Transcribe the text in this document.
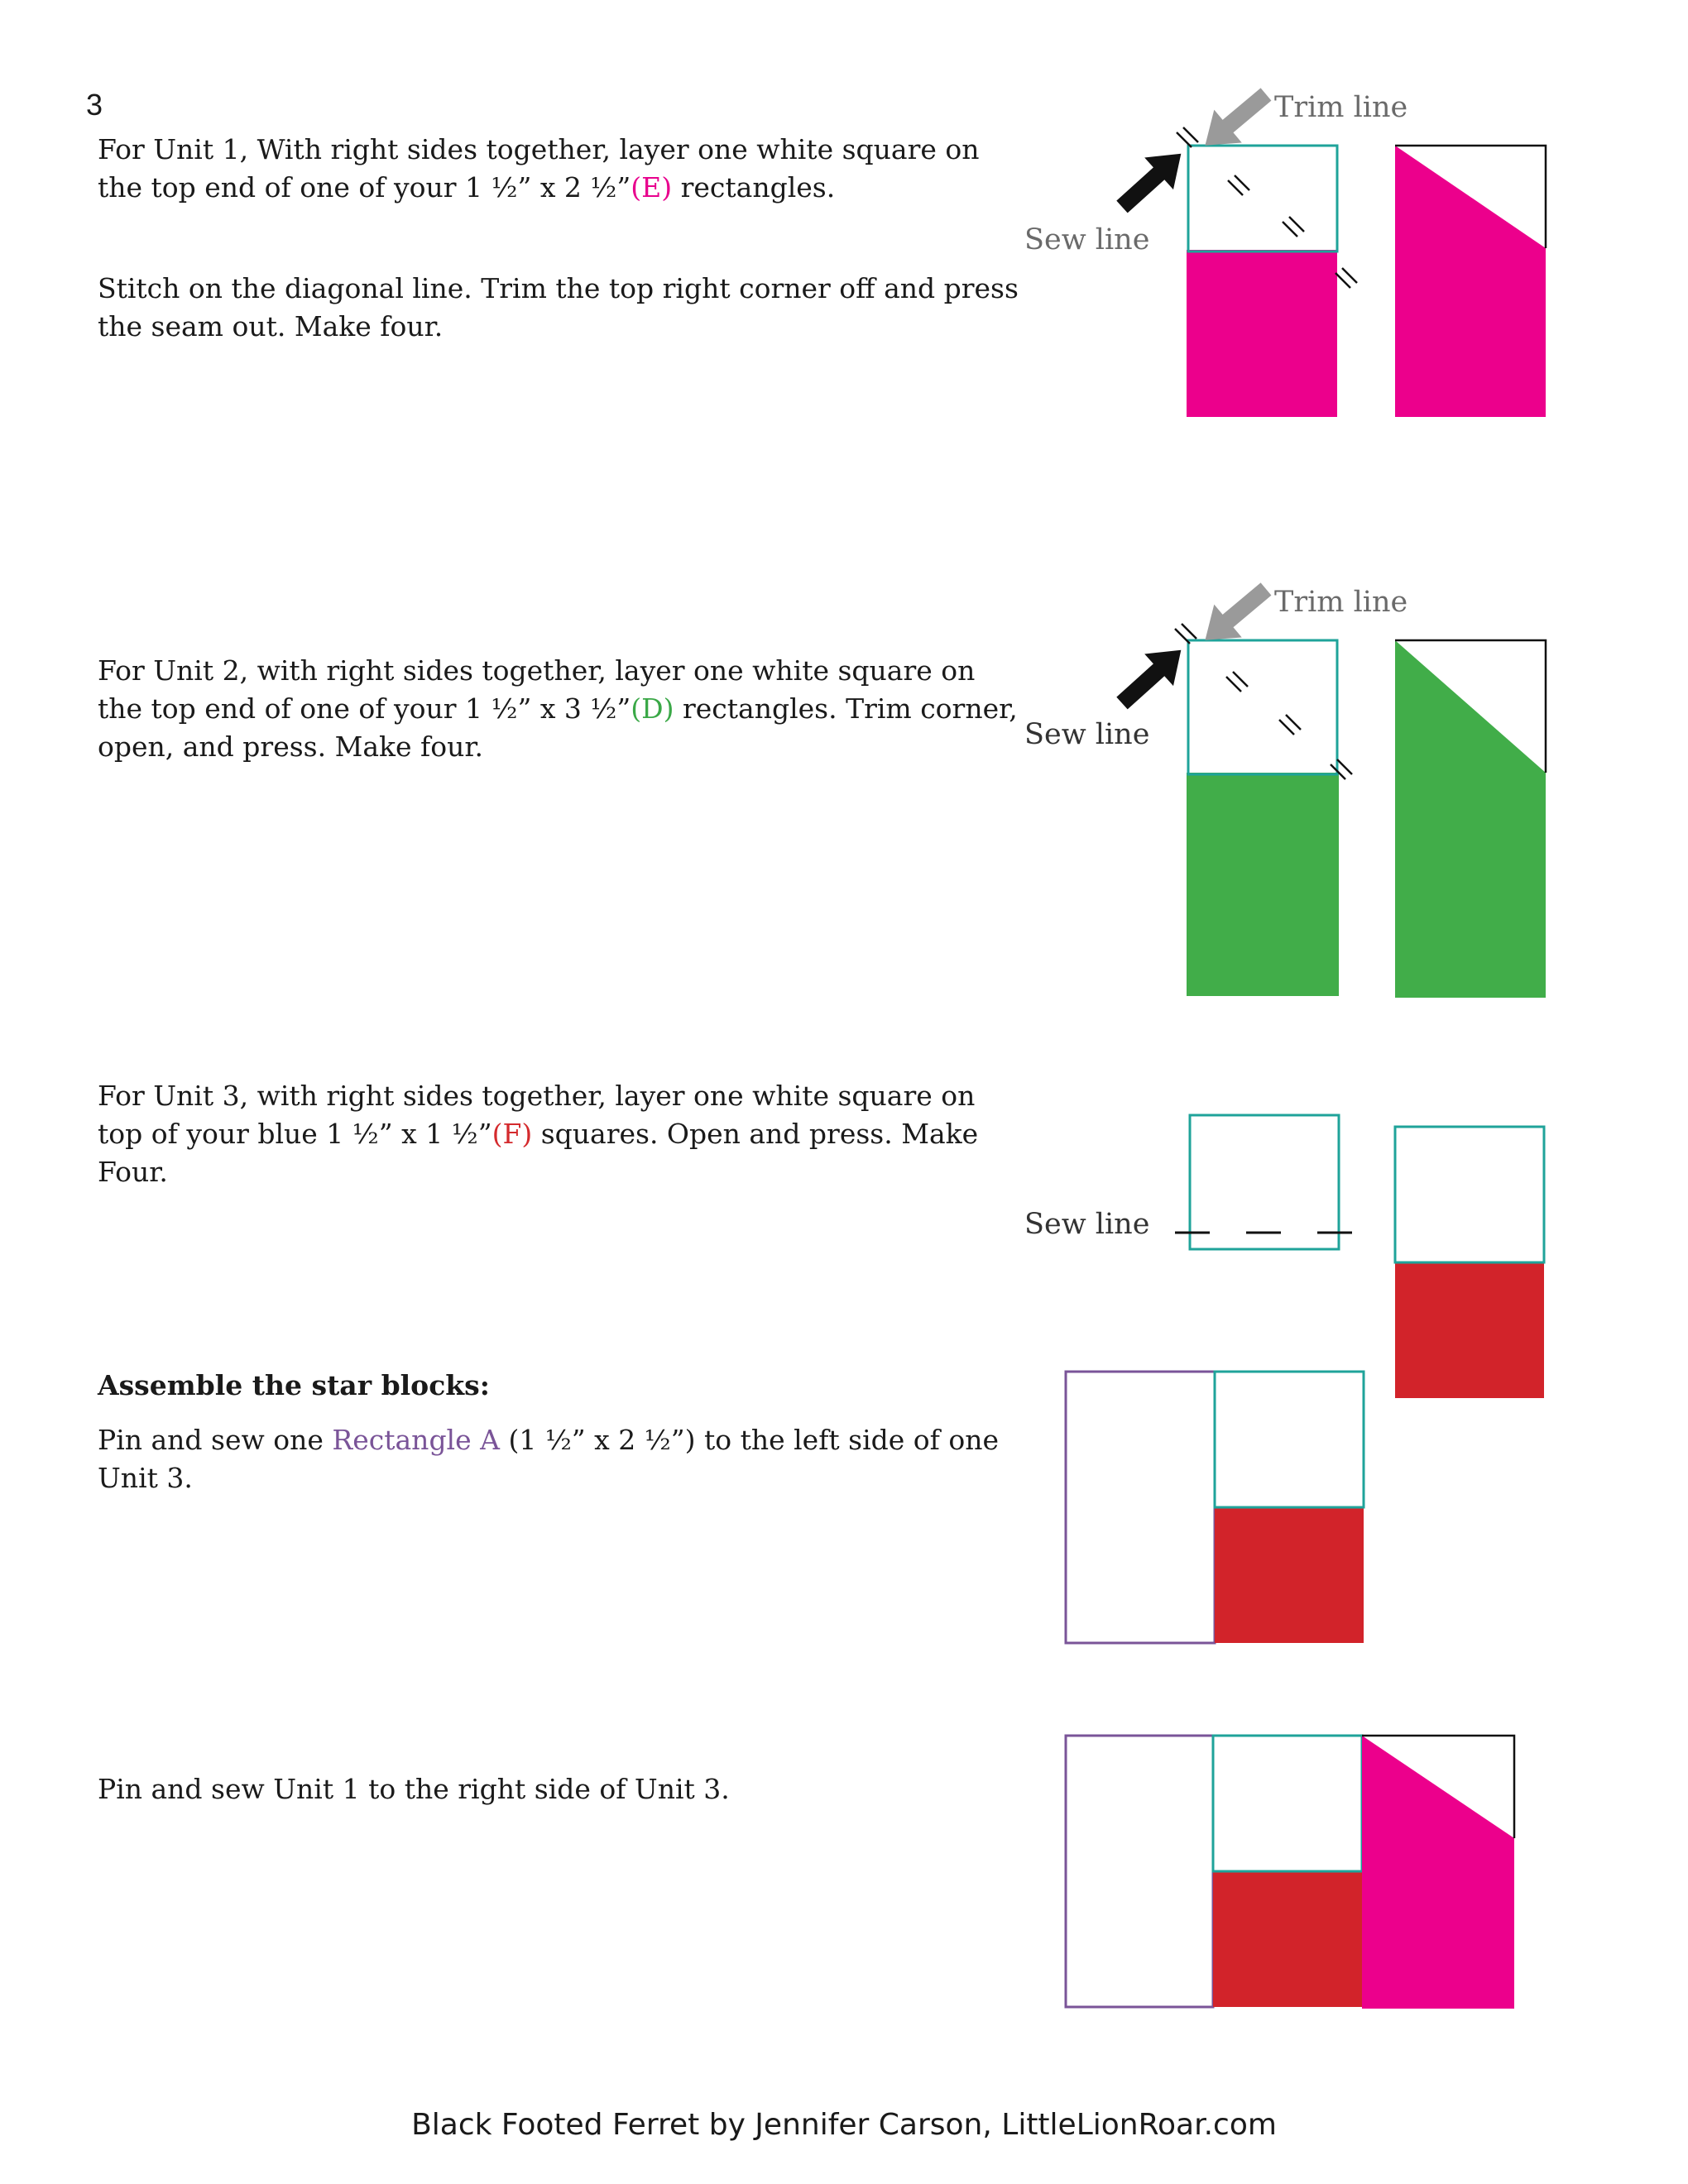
3

For Unit 1, With right sides together, layer one white square on the top end of one of your 1 ½” x 2 ½”(E) rectangles.

Stitch on the diagonal line. Trim the top right corner off and press the seam out. Make four.

For Unit 2, with right sides together, layer one white square on the top end of one of your 1 ½” x 3 ½”(D) rectangles. Trim corner, open, and press. Make four.

For Unit 3, with right sides together, layer one white square on top of your blue 1 ½” x 1 ½”(F) squares. Open and press. Make Four.

Assemble the star blocks:

Pin and sew one Rectangle A (1 ½” x 2 ½”) to the left side of one Unit 3.

Pin and sew Unit 1 to the right side of Unit 3.

Trim line
Sew line
Trim line
Sew line
Sew line
Black Footed Ferret by Jennifer Carson, LittleLionRoar.com
